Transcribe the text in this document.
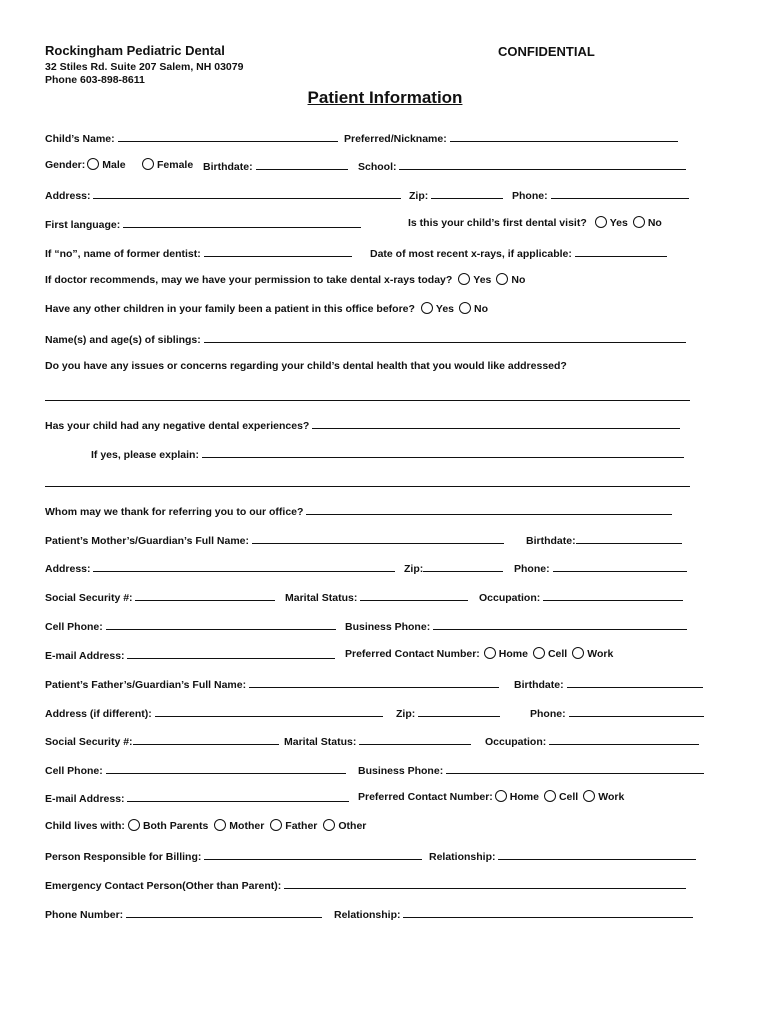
Rockingham Pediatric Dental
32 Stiles Rd. Suite 207 Salem, NH 03079
Phone 603-898-8611
CONFIDENTIAL
Patient Information
Child’s Name:	Preferred/Nickname:
Gender: Male	Female Birthdate:	School:
Address:	Zip:	Phone:
First language:	Is this your child’s first dental visit? Yes No
If “no”, name of former dentist:	Date of most recent x-rays, if applicable:
If doctor recommends, may we have your permission to take dental x-rays today? Yes No
Have any other children in your family been a patient in this office before? Yes No
Name(s) and age(s) of siblings:
Do you have any issues or concerns regarding your child’s dental health that you would like addressed?
Has your child had any negative dental experiences?
If yes, please explain:
Whom may we thank for referring you to our office?
Patient’s Mother’s/Guardian’s Full Name:	Birthdate:
Address:	Zip:	Phone:
Social Security #:	Marital Status:	Occupation:
Cell Phone:	Business Phone:
E-mail Address:	Preferred Contact Number: Home Cell Work
Patient’s Father’s/Guardian’s Full Name:	Birthdate:
Address (if different):	Zip:	Phone:
Social Security #:	Marital Status:	Occupation:
Cell Phone:	Business Phone:
E-mail Address:	Preferred Contact Number: Home Cell Work
Child lives with: Both Parents Mother Father Other
Person Responsible for Billing:	Relationship:
Emergency Contact Person(Other than Parent):
Phone Number:	Relationship:
